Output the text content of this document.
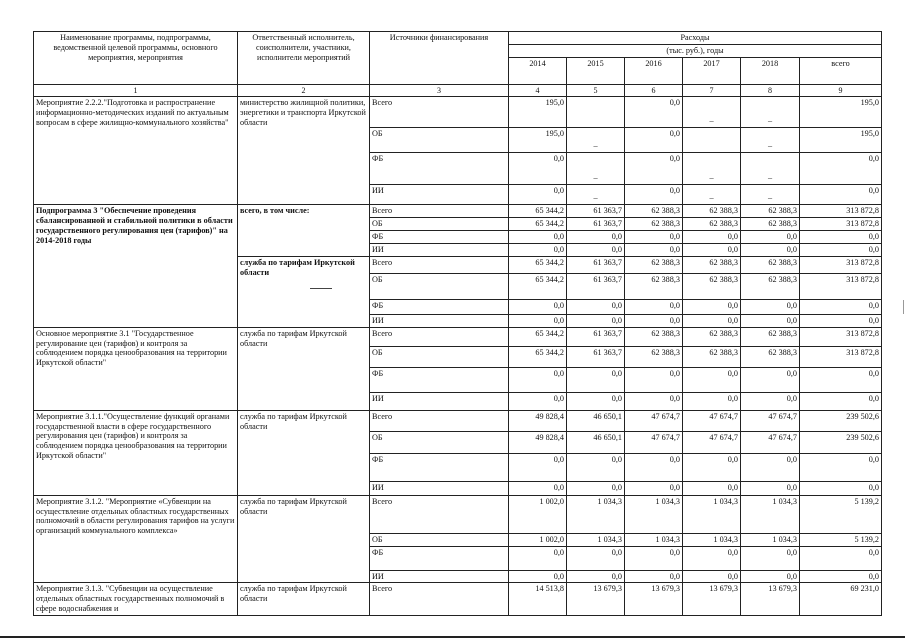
Наименование программы, подпрограммы, ведомственной целевой программы, основного мероприятия, мероприятия	Ответственный исполнитель, соисполнители, участники, исполнители мероприятий	Источники финансирования	Расходы					
			(тыс. руб.), годы					
			2014	2015	2016	2017	2018	всего
1	2	3	4	5	6	7	8	9
Мероприятие 2.2.2."Подготовка и распространение информационно-методических изданий по актуальным вопросам в сфере жилищно-коммунального хозяйства"	министерство жилищной политики, энергетики и транспорта Иркутской области	Всего	195,0		0,0	–	–	195,0
		ОБ	195,0	–	0,0		–	195,0
		ФБ	0,0	–	0,0	–	–	0,0
		ИИ	0,0	–	0,0	–	–	0,0
Подпрограмма 3 "Обеспечение проведения сбалансированной и стабильной политики в области государственного регулирования цен (тарифов)" на 2014-2018 годы	всего, в том числе:	Всего	65 344,2	61 363,7	62 388,3	62 388,3	62 388,3	313 872,8
		ОБ	65 344,2	61 363,7	62 388,3	62 388,3	62 388,3	313 872,8
		ФБ	0,0	0,0	0,0	0,0	0,0	0,0
		ИИ	0,0	0,0	0,0	0,0	0,0	0,0
	служба по тарифам Иркутской области	Всего	65 344,2	61 363,7	62 388,3	62 388,3	62 388,3	313 872,8
		ОБ	65 344,2	61 363,7	62 388,3	62 388,3	62 388,3	313 872,8
		ФБ	0,0	0,0	0,0	0,0	0,0	0,0
		ИИ	0,0	0,0	0,0	0,0	0,0	0,0
Основное мероприятие 3.1 "Государственное регулирование цен (тарифов) и контроля за соблюдением порядка ценообразования на территории Иркутской области"	служба по тарифам Иркутской области	Всего	65 344,2	61 363,7	62 388,3	62 388,3	62 388,3	313 872,8
		ОБ	65 344,2	61 363,7	62 388,3	62 388,3	62 388,3	313 872,8
		ФБ	0,0	0,0	0,0	0,0	0,0	0,0
		ИИ	0,0	0,0	0,0	0,0	0,0	0,0
Мероприятие 3.1.1."Осуществление функций органами государственной власти в сфере государственного регулирования цен (тарифов) и контроля за соблюдением порядка ценообразования на территории Иркутской области"	служба по тарифам Иркутской области	Всего	49 828,4	46 650,1	47 674,7	47 674,7	47 674,7	239 502,6
		ОБ	49 828,4	46 650,1	47 674,7	47 674,7	47 674,7	239 502,6
		ФБ	0,0	0,0	0,0	0,0	0,0	0,0
		ИИ	0,0	0,0	0,0	0,0	0,0	0,0
Мероприятие 3.1.2. "Мероприятие «Субвенции на осуществление отдельных областных государственных полномочий в области регулирования тарифов на услуги организаций коммунального комплекса»	служба по тарифам Иркутской области	Всего	1 002,0	1 034,3	1 034,3	1 034,3	1 034,3	5 139,2
		ОБ	1 002,0	1 034,3	1 034,3	1 034,3	1 034,3	5 139,2
		ФБ	0,0	0,0	0,0	0,0	0,0	0,0
		ИИ	0,0	0,0	0,0	0,0	0,0	0,0
Мероприятие 3.1.3. "Субвенции на осуществление отдельных областных государственных полномочий в сфере водоснабжения и	служба по тарифам Иркутской области	Всего	14 513,8	13 679,3	13 679,3	13 679,3	13 679,3	69 231,0
